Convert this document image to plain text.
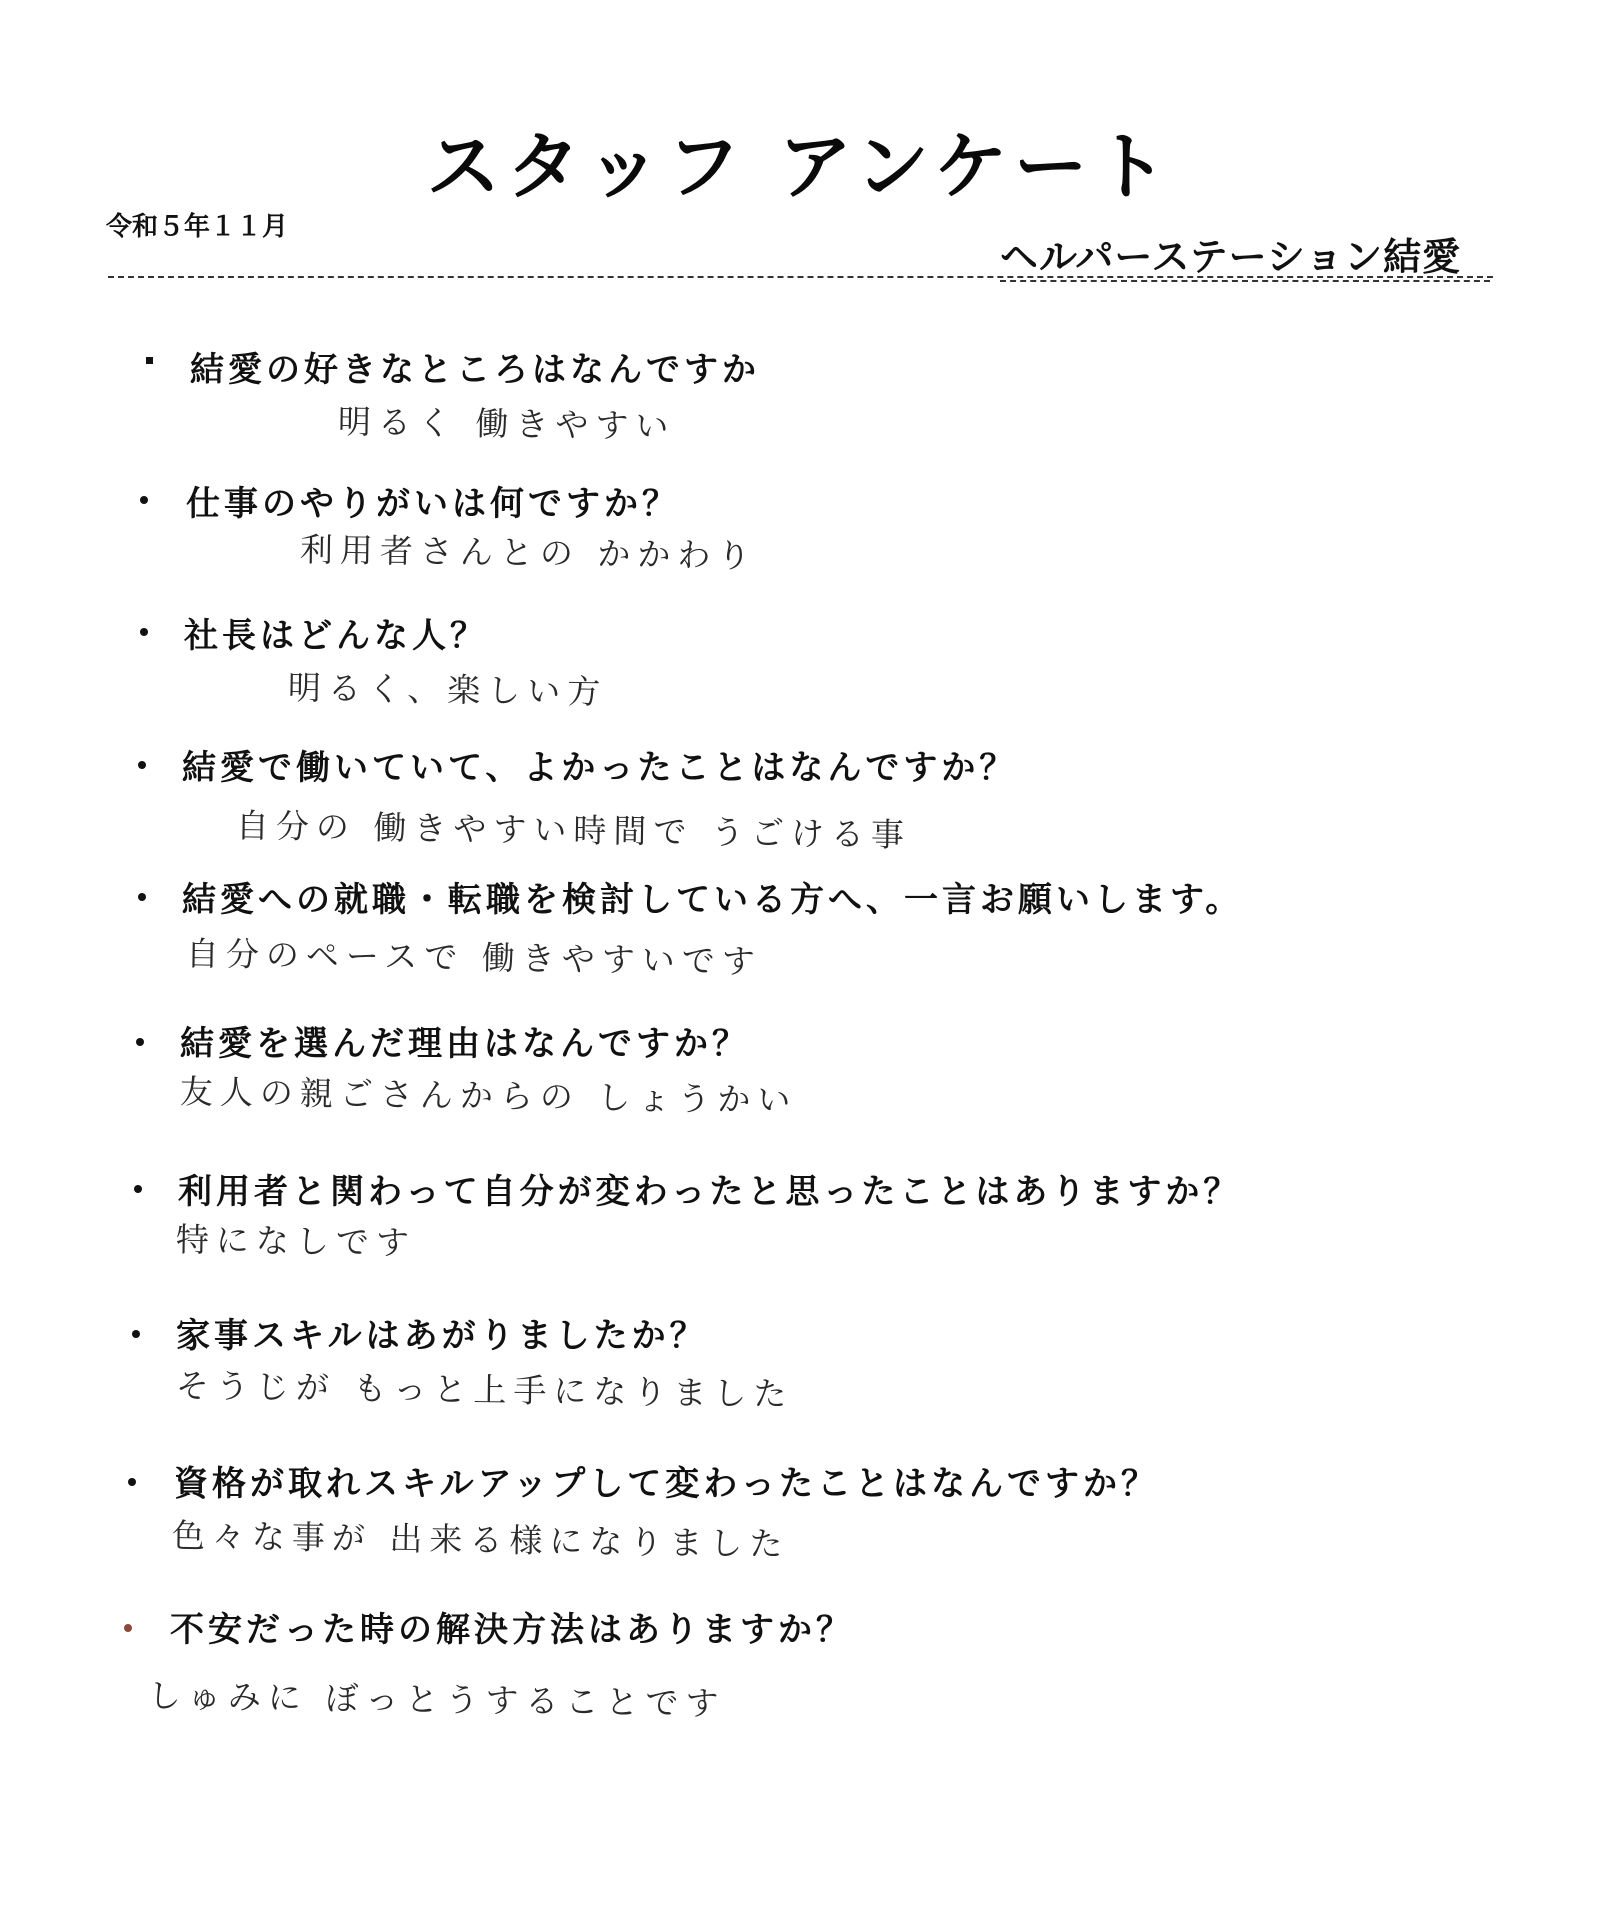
スタッフ アンケート
令和５年１１月
ヘルパーステーション結愛
結愛の好きなところはなんですか
明るく 働きやすい
仕事のやりがいは何ですか？
利用者さんとの かかわり
社長はどんな人？
明るく、楽しい方
結愛で働いていて、よかったことはなんですか？
自分の 働きやすい時間で うごける事
結愛への就職・転職を検討している方へ、一言お願いします。
自分のペースで 働きやすいです
結愛を選んだ理由はなんですか？
友人の親ごさんからの しょうかい
利用者と関わって自分が変わったと思ったことはありますか？
特になしです
家事スキルはあがりましたか？
そうじが もっと上手になりました
資格が取れスキルアップして変わったことはなんですか？
色々な事が 出来る様になりました
不安だった時の解決方法はありますか？
しゅみに ぼっとうすることです
